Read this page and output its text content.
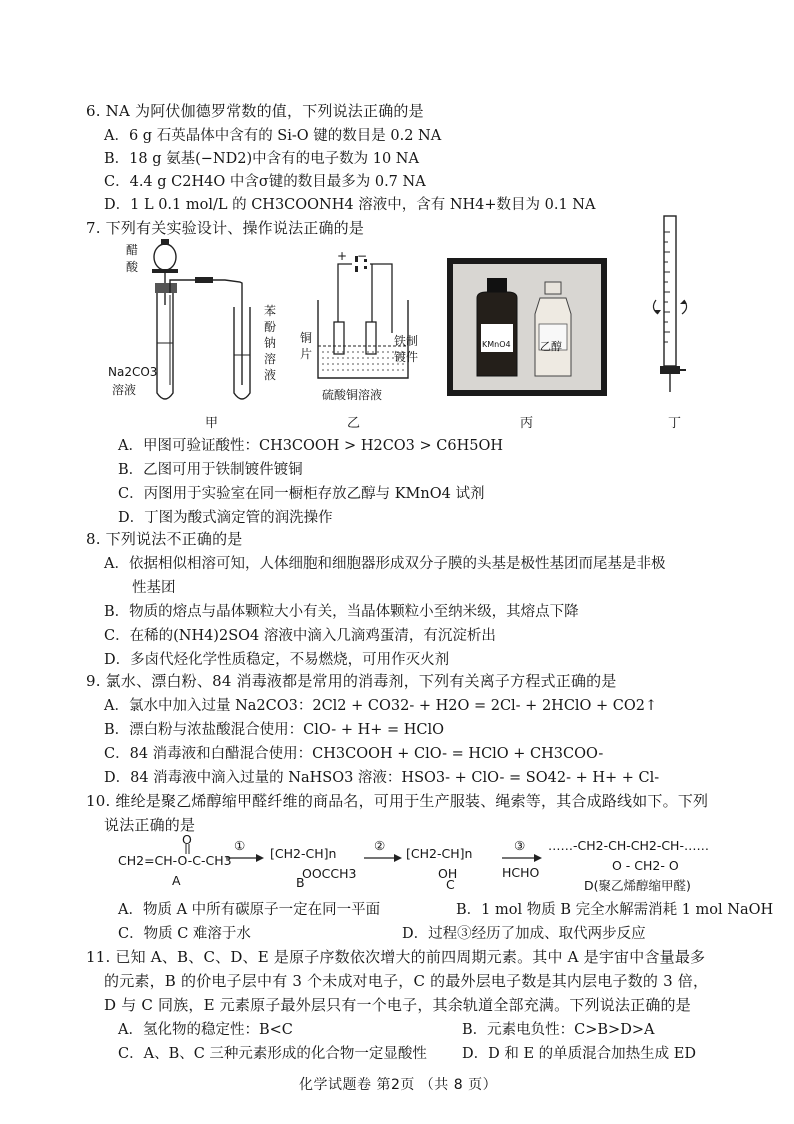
6. NA 为阿伏伽德罗常数的值，下列说法正确的是
A．6 g 石英晶体中含有的 Si-O 键的数目是 0.2 NA
B．18 g 氨基(−ND2)中含有的电子数为 10 NA
C．4.4 g C2H4O 中含σ键的数目最多为 0.7 NA
D．1 L 0.1 mol/L 的 CH3COONH4 溶液中，含有 NH4+数目为 0.1 NA
7. 下列有关实验设计、操作说法正确的是
醋
酸
Na2CO3
溶液
苯
酚
钠
溶
液
甲
+ −
铜
片
铁制
镀件
硫酸铜溶液
乙
KMnO4	乙醇
丙	丁
A．甲图可验证酸性：CH3COOH > H2CO3 > C6H5OH
B．乙图可用于铁制镀件镀铜
C．丙图用于实验室在同一橱柜存放乙醇与 KMnO4 试剂
D．丁图为酸式滴定管的润洗操作
8. 下列说法不正确的是
A．依据相似相溶可知，人体细胞和细胞器形成双分子膜的头基是极性基团而尾基是非极
性基团
B．物质的熔点与晶体颗粒大小有关，当晶体颗粒小至纳米级，其熔点下降
C．在稀的(NH4)2SO4 溶液中滴入几滴鸡蛋清，有沉淀析出
D．多卤代烃化学性质稳定，不易燃烧，可用作灭火剂
9. 氯水、漂白粉、84 消毒液都是常用的消毒剂，下列有关离子方程式正确的是
A．氯水中加入过量 Na2CO3：2Cl2 + CO32- + H2O = 2Cl- + 2HClO + CO2↑
B．漂白粉与浓盐酸混合使用：ClO- + H+ = HClO
C．84 消毒液和白醋混合使用：CH3COOH + ClO- = HClO + CH3COO-
D．84 消毒液中滴入过量的 NaHSO3 溶液：HSO3- + ClO- = SO42- + H+ + Cl-
10. 维纶是聚乙烯醇缩甲醛纤维的商品名，可用于生产服装、绳索等，其合成路线如下。下列
说法正确的是
O
CH2=CH-O-C-CH3
A
①
[CH2-CH]n
OOCCH3
B
②
[CH2-CH]n
OH
C
③
HCHO
……-CH2-CH-CH2-CH-……
O - CH2- O
D(聚乙烯醇缩甲醛)
A．物质 A 中所有碳原子一定在同一平面	B．1 mol 物质 B 完全水解需消耗 1 mol NaOH
C．物质 C 难溶于水	D．过程③经历了加成、取代两步反应
11. 已知 A、B、C、D、E 是原子序数依次增大的前四周期元素。其中 A 是宇宙中含量最多
的元素，B 的价电子层中有 3 个未成对电子，C 的最外层电子数是其内层电子数的 3 倍，
D 与 C 同族，E 元素原子最外层只有一个电子，其余轨道全部充满。下列说法正确的是
A．氢化物的稳定性：B<C	B．元素电负性：C>B>D>A
C．A、B、C 三种元素形成的化合物一定显酸性 D．D 和 E 的单质混合加热生成 ED
化学试题卷 第2页 （共 8 页）
